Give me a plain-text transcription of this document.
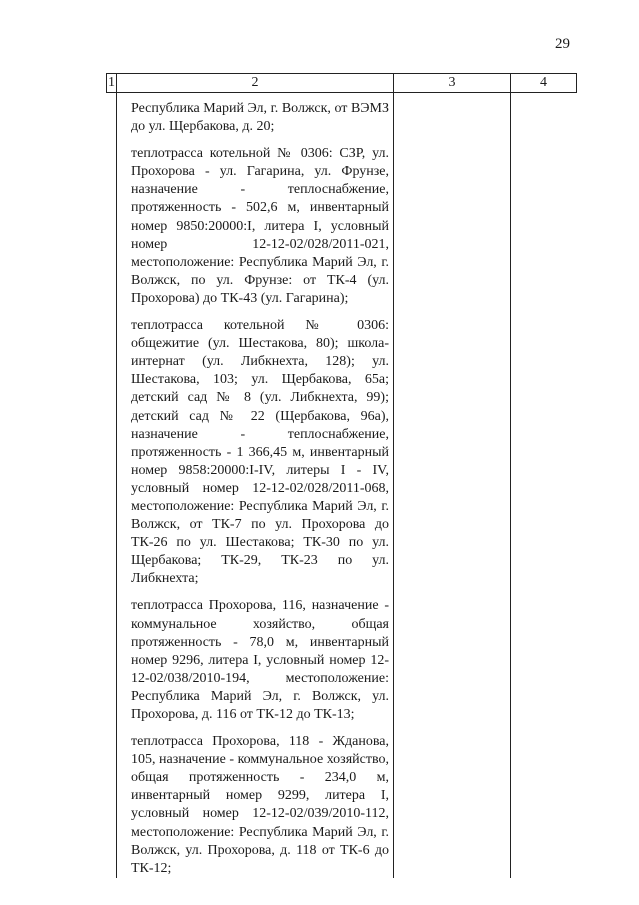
29
1	2	3	4

	Республика Марий Эл, г. Волжск, от ВЭМЗ до ул. Щербакова, д. 20;

теплотрасса котельной № 0306: СЗР, ул. Прохорова - ул. Гагарина, ул. Фрунзе, назначение - теплоснабжение, протяженность - 502,6 м, инвентарный номер 9850:20000:I, литера I, условный номер 12-12-02/028/2011-021, местоположение: Республика Марий Эл, г. Волжск, по ул. Фрунзе: от ТК-4 (ул. Прохорова) до ТК-43 (ул. Гагарина);

теплотрасса котельной № 0306: общежитие (ул. Шестакова, 80); школа-интернат (ул. Либкнехта, 128); ул. Шестакова, 103; ул. Щербакова, 65а; детский сад № 8 (ул. Либкнехта, 99); детский сад № 22 (Щербакова, 96а), назначение - теплоснабжение, протяженность - 1 366,45 м, инвентарный номер 9858:20000:I-IV, литеры I - IV, условный номер 12-12-02/028/2011-068, местоположение: Республика Марий Эл, г. Волжск, от ТК-7 по ул. Прохорова до ТК-26 по ул. Шестакова; ТК-30 по ул. Щербакова; ТК-29, ТК-23 по ул. Либкнехта;

теплотрасса Прохорова, 116, назначение - коммунальное хозяйство, общая протяженность - 78,0 м, инвентарный номер 9296, литера I, условный номер 12-12-02/038/2010-194, местоположение: Республика Марий Эл, г. Волжск, ул. Прохорова, д. 116 от ТК-12 до ТК-13;

теплотрасса Прохорова, 118 - Жданова, 105, назначение - коммунальное хозяйство, общая протяженность - 234,0 м, инвентарный номер 9299, литера I, условный номер 12-12-02/039/2010-112, местоположение: Республика Марий Эл, г. Волжск, ул. Прохорова, д. 118 от ТК-6 до ТК-12;		
